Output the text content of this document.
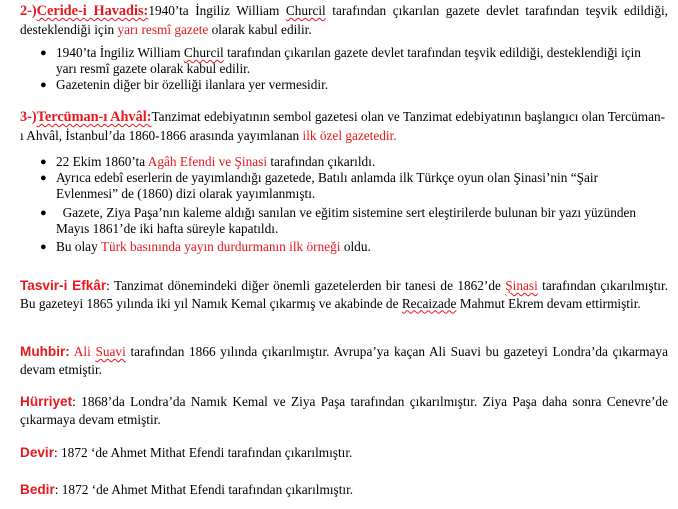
2-)Ceride-i Havadis:1940’ta İngiliz William Churcil tarafından çıkarılan gazete devlet tarafından teşvik edildiği, desteklendiği için yarı resmî gazete olarak kabul edilir.
● 1940’ta İngiliz William Churcil tarafından çıkarılan gazete devlet tarafından teşvik edildiği, desteklendiği için yarı resmî gazete olarak kabul edilir.
● Gazetenin diğer bir özelliği ilanlara yer vermesidir.
3-)Tercüman-ı Ahvâl:Tanzimat edebiyatının sembol gazetesi olan ve Tanzimat edebiyatının başlangıcı olan Tercüman-ı Ahvâl, İstanbul’da 1860-1866 arasında yayımlanan ilk özel gazetedir.
● 22 Ekim 1860’ta Agâh Efendi ve Şinasi tarafından çıkarıldı.
● Ayrıca edebî eserlerin de yayımlandığı gazetede, Batılı anlamda ilk Türkçe oyun olan Şinasi’nin “Şair Evlenmesi” de (1860) dizi olarak yayımlanmıştı.
● Gazete, Ziya Paşa’nın kaleme aldığı sanılan ve eğitim sistemine sert eleştirilerde bulunan bir yazı yüzünden Mayıs 1861’de iki hafta süreyle kapatıldı.
● Bu olay Türk basınında yayın durdurmanın ilk örneği oldu.
Tasvir-i Efkâr: Tanzimat dönemindeki diğer önemli gazetelerden bir tanesi de 1862’de Şinasi tarafından çıkarılmıştır. Bu gazeteyi 1865 yılında iki yıl Namık Kemal çıkarmış ve akabinde de Recaizade Mahmut Ekrem devam ettirmiştir.
Muhbir: Ali Suavi tarafından 1866 yılında çıkarılmıştır. Avrupa’ya kaçan Ali Suavi bu gazeteyi Londra’da çıkarmaya devam etmiştir.
Hürriyet: 1868’da Londra’da Namık Kemal ve Ziya Paşa tarafından çıkarılmıştır. Ziya Paşa daha sonra Cenevre’de çıkarmaya devam etmiştir.
Devir: 1872 ‘de Ahmet Mithat Efendi tarafından çıkarılmıştır.
Bedir: 1872 ‘de Ahmet Mithat Efendi tarafından çıkarılmıştır.
